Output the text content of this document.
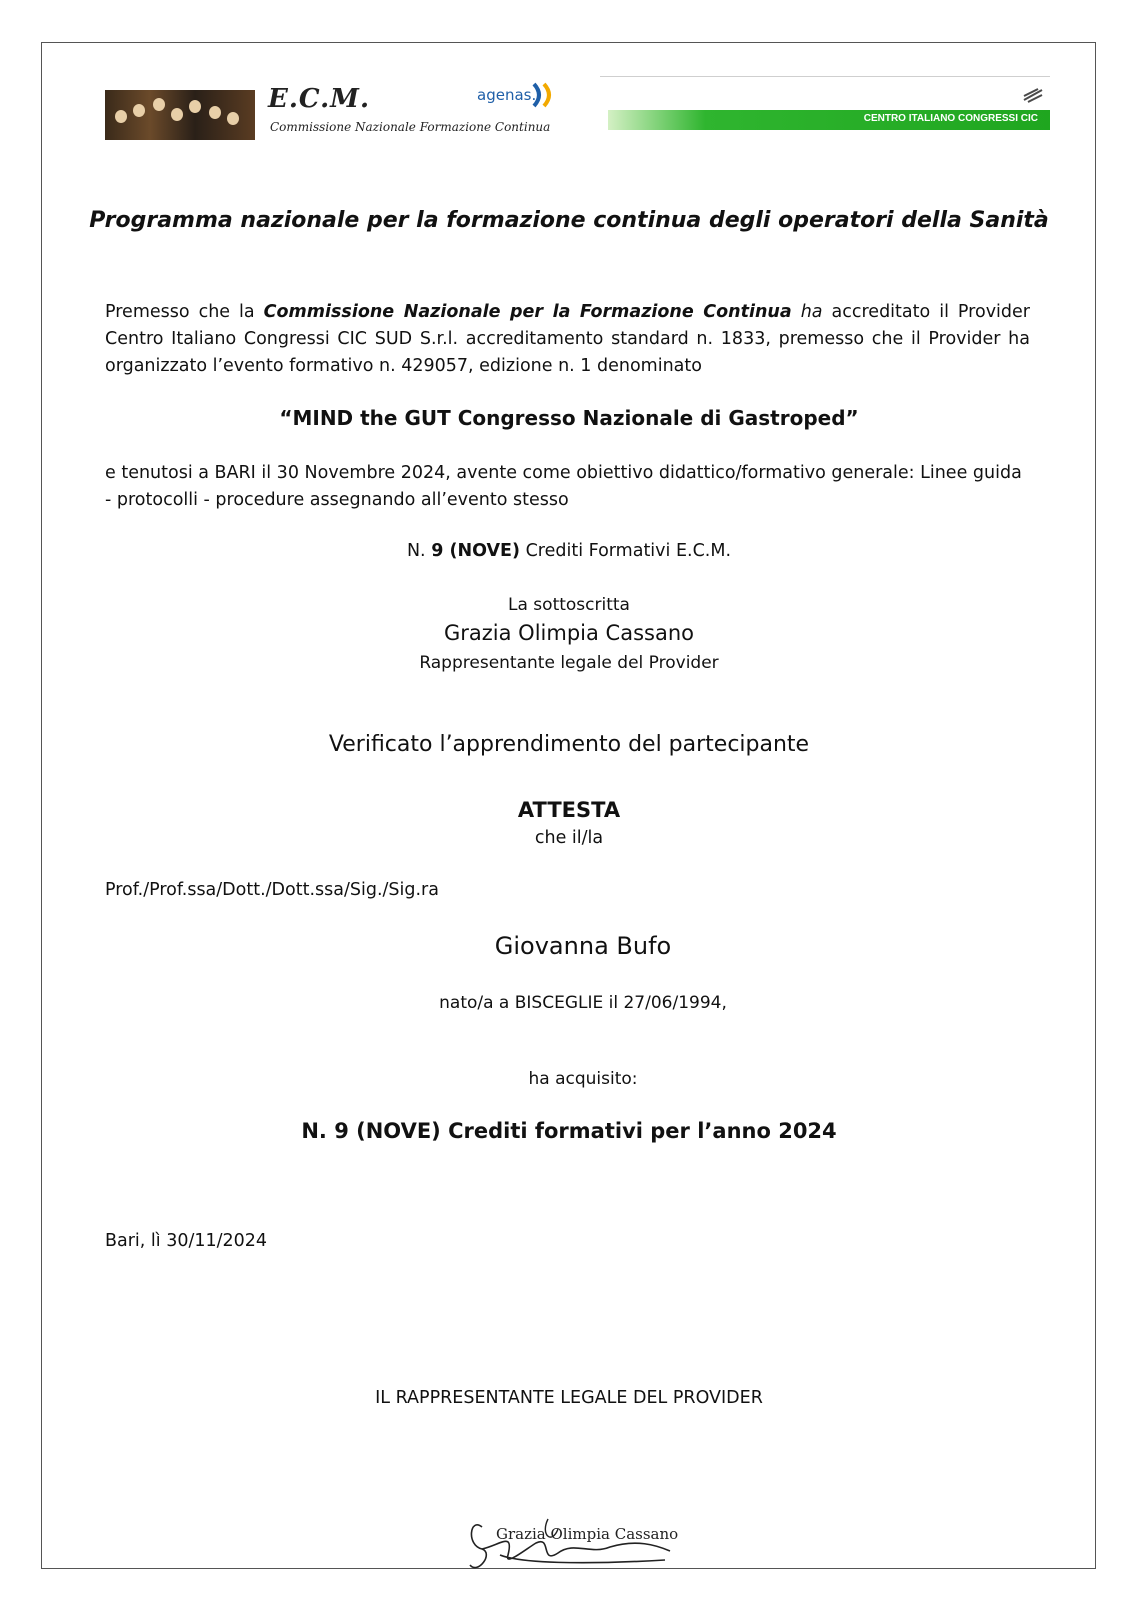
E.C.M.
Commissione Nazionale Formazione Continua
agenas.
CENTRO ITALIANO CONGRESSI CIC
Programma nazionale per la formazione continua degli operatori della Sanità
Premesso che la Commissione Nazionale per la Formazione Continua ha accreditato il Provider Centro Italiano Congressi CIC SUD S.r.l. accreditamento standard n. 1833, premesso che il Provider ha organizzato l’evento formativo n. 429057, edizione n. 1 denominato
“MIND the GUT Congresso Nazionale di Gastroped”
e tenutosi a BARI il 30 Novembre 2024, avente come obiettivo didattico/formativo generale: Linee guida - protocolli - procedure assegnando all’evento stesso
N. 9 (NOVE) Crediti Formativi E.C.M.
La sottoscritta
Grazia Olimpia Cassano
Rappresentante legale del Provider
Verificato l’apprendimento del partecipante
ATTESTA
che il/la
Prof./Prof.ssa/Dott./Dott.ssa/Sig./Sig.ra
Giovanna Bufo
nato/a a BISCEGLIE il 27/06/1994,
ha acquisito:
N. 9 (NOVE) Crediti formativi per l’anno 2024
Bari, lì 30/11/2024
IL RAPPRESENTANTE LEGALE DEL PROVIDER
Grazia Olimpia Cassano
